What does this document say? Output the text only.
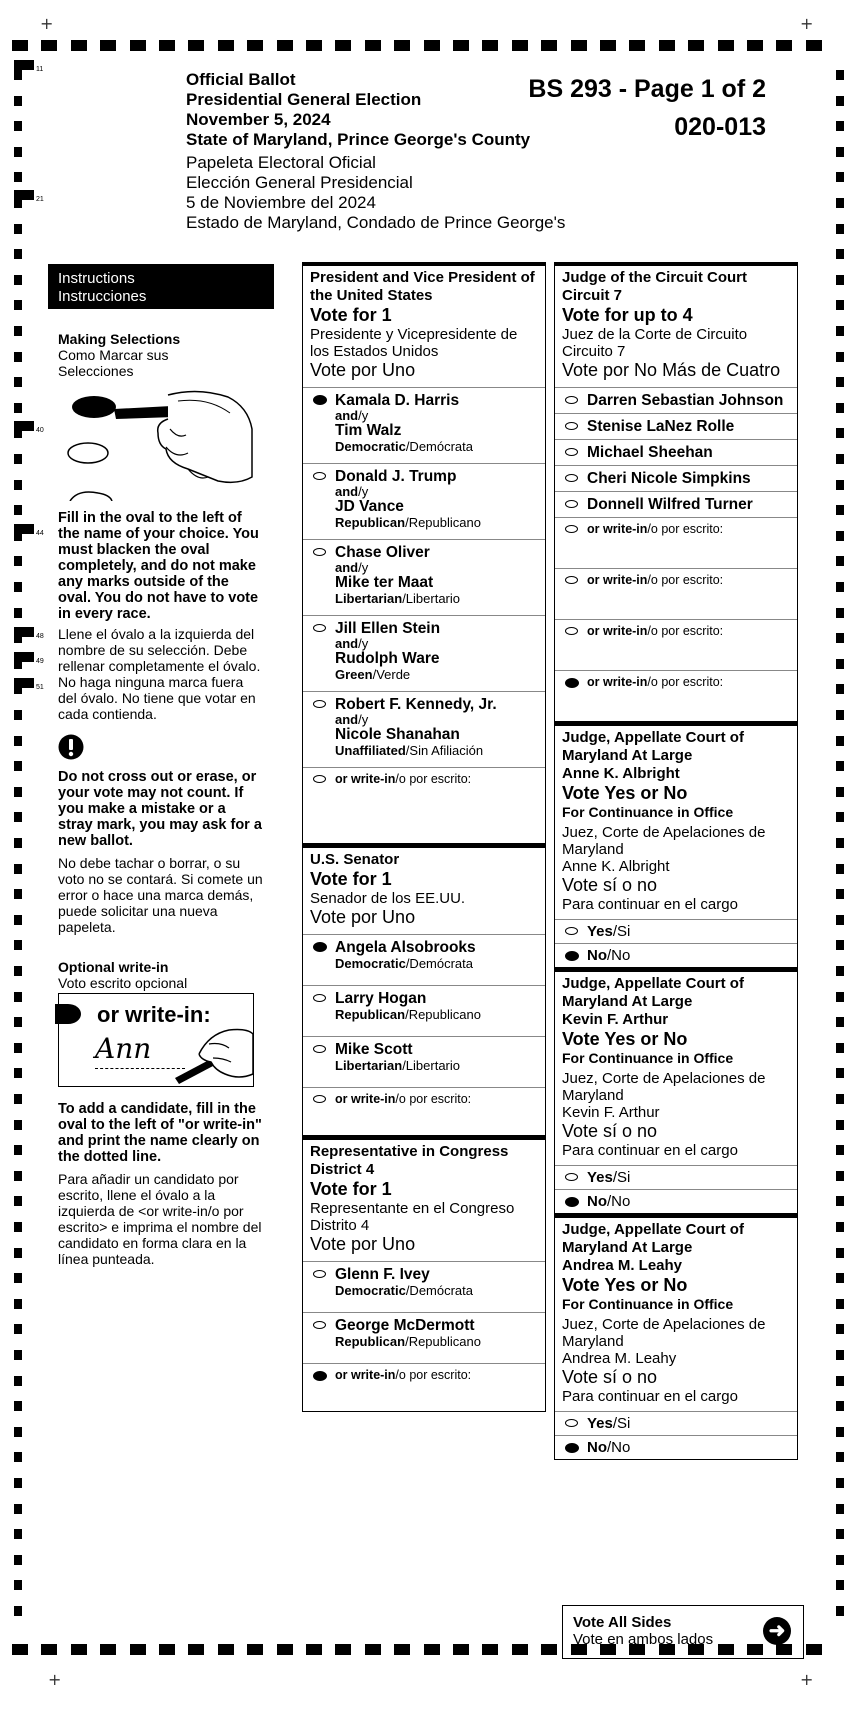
+	+
+	+
11
21
40
44
48
49
51
Official Ballot
Presidential General Election
November 5, 2024
State of Maryland, Prince George's County
Papeleta Electoral Oficial
Elección General Presidencial
5 de Noviembre del 2024
Estado de Maryland, Condado de Prince George's
BS 293 - Page 1 of 2
020-013
Instructions
Instrucciones
Making Selections
Como Marcar sus Selecciones
Fill in the oval to the left of the name of your choice. You must blacken the oval completely, and do not make any marks outside of the oval. You do not have to vote in every race.
Llene el óvalo a la izquierda del nombre de su selección. Debe rellenar completamente el óvalo. No haga ninguna marca fuera del óvalo. No tiene que votar en cada contienda.
Do not cross out or erase, or your vote may not count. If you make a mistake or a stray mark, you may ask for a new ballot.
No debe tachar o borrar, o su voto no se contará. Si comete un error o hace una marca demás, puede solicitar una nueva papeleta.
Optional write-in
Voto escrito opcional
or write-in:
Ann
To add a candidate, fill in the oval to the left of "or write-in" and print the name clearly on the dotted line.
Para añadir un candidato por escrito, llene el óvalo a la izquierda de <or write-in/o por escrito> e imprima el nombre del candidato en forma clara en la línea punteada.
President and Vice President of the United States
Vote for 1
Presidente y Vicepresidente de los Estados Unidos
Vote por Uno
Kamala D. Harris
and/y
Tim Walz
Democratic/Demócrata
Donald J. Trump
and/y
JD Vance
Republican/Republicano
Chase Oliver
and/y
Mike ter Maat
Libertarian/Libertario
Jill Ellen Stein
and/y
Rudolph Ware
Green/Verde
Robert F. Kennedy, Jr.
and/y
Nicole Shanahan
Unaffiliated/Sin Afiliación
or write-in/o por escrito:
U.S. Senator
Vote for 1
Senador de los EE.UU.
Vote por Uno
Angela Alsobrooks
Democratic/Demócrata
Larry Hogan
Republican/Republicano
Mike Scott
Libertarian/Libertario
or write-in/o por escrito:
Representative in Congress District 4
Vote for 1
Representante en el Congreso Distrito 4
Vote por Uno
Glenn F. Ivey
Democratic/Demócrata
George McDermott
Republican/Republicano
or write-in/o por escrito:
Judge of the Circuit Court Circuit 7
Vote for up to 4
Juez de la Corte de Circuito Circuito 7
Vote por No Más de Cuatro
Darren Sebastian Johnson
Stenise LaNez Rolle
Michael Sheehan
Cheri Nicole Simpkins
Donnell Wilfred Turner
or write-in/o por escrito:
or write-in/o por escrito:
or write-in/o por escrito:
or write-in/o por escrito:
Judge, Appellate Court of Maryland At Large
Anne K. Albright
Vote Yes or No
For Continuance in Office
Juez, Corte de Apelaciones de Maryland
Anne K. Albright
Vote sí o no
Para continuar en el cargo
Yes/Si
No/No
Judge, Appellate Court of Maryland At Large
Kevin F. Arthur
Vote Yes or No
For Continuance in Office
Juez, Corte de Apelaciones de Maryland
Kevin F. Arthur
Vote sí o no
Para continuar en el cargo
Yes/Si
No/No
Judge, Appellate Court of Maryland At Large
Andrea M. Leahy
Vote Yes or No
For Continuance in Office
Juez, Corte de Apelaciones de Maryland
Andrea M. Leahy
Vote sí o no
Para continuar en el cargo
Yes/Si
No/No
Vote All Sides
Vote en ambos lados	➜
